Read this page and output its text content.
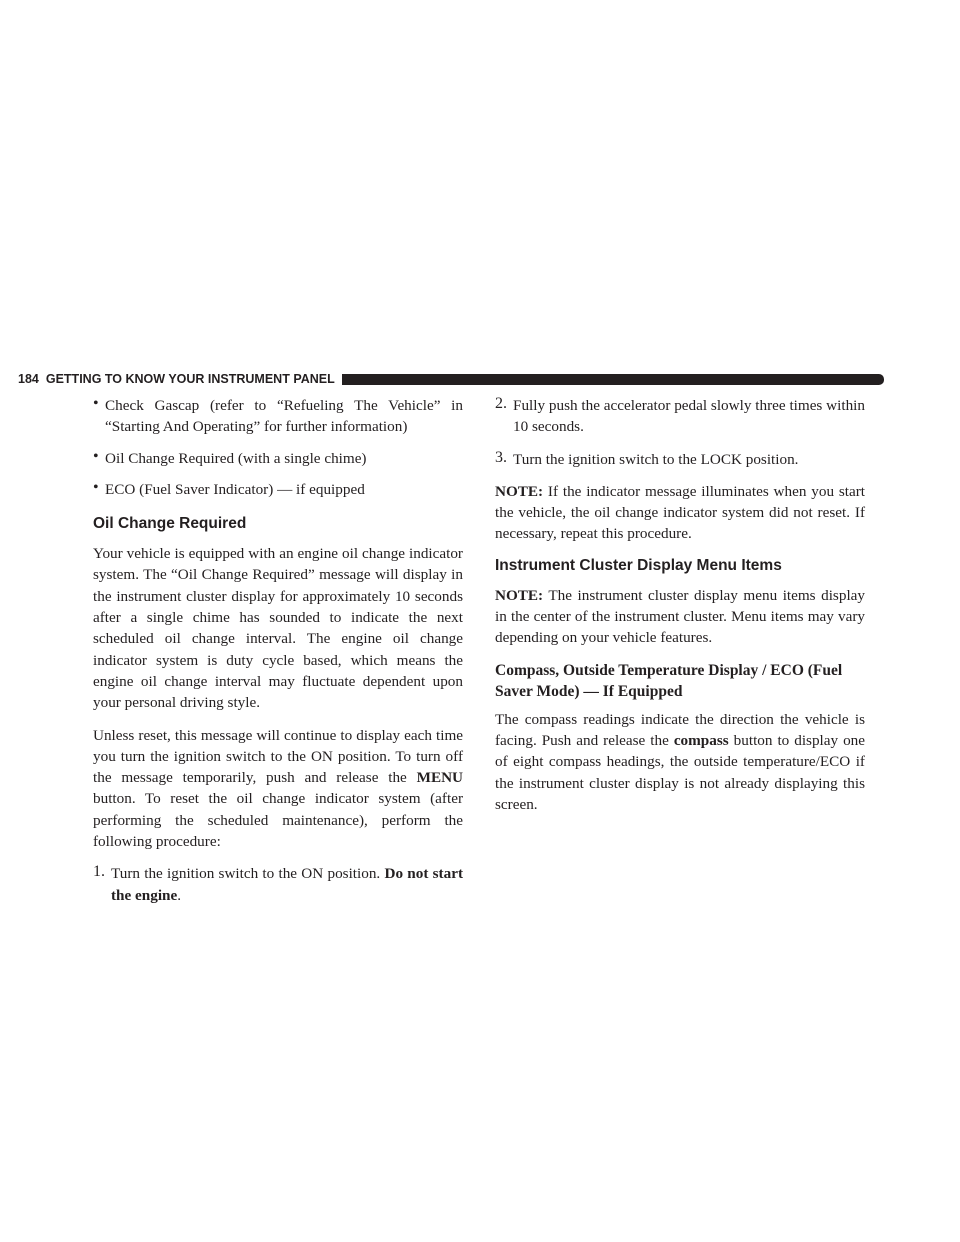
184 GETTING TO KNOW YOUR INSTRUMENT PANEL
• Check Gascap (refer to “Refueling The Vehicle” in “Starting And Operating” for further information)

• Oil Change Required (with a single chime)

• ECO (Fuel Saver Indicator) — if equipped

Oil Change Required

Your vehicle is equipped with an engine oil change indicator system. The “Oil Change Required” message will display in the instrument cluster display for approximately 10 seconds after a single chime has sounded to indicate the next scheduled oil change interval. The engine oil change indicator system is duty cycle based, which means the engine oil change interval may fluctuate dependent upon your personal driving style.

Unless reset, this message will continue to display each time you turn the ignition switch to the ON position. To turn off the message temporarily, push and release the MENU button. To reset the oil change indicator system (after performing the scheduled maintenance), perform the following procedure:

1. Turn the ignition switch to the ON position. Do not start the engine.

2. Fully push the accelerator pedal slowly three times within 10 seconds.

3. Turn the ignition switch to the LOCK position.

NOTE: If the indicator message illuminates when you start the vehicle, the oil change indicator system did not reset. If necessary, repeat this procedure.

Instrument Cluster Display Menu Items

NOTE: The instrument cluster display menu items display in the center of the instrument cluster. Menu items may vary depending on your vehicle features.

Compass, Outside Temperature Display / ECO (Fuel Saver Mode) — If Equipped

The compass readings indicate the direction the vehicle is facing. Push and release the compass button to display one of eight compass headings, the outside temperature/ECO if the instrument cluster display is not already displaying this screen.
